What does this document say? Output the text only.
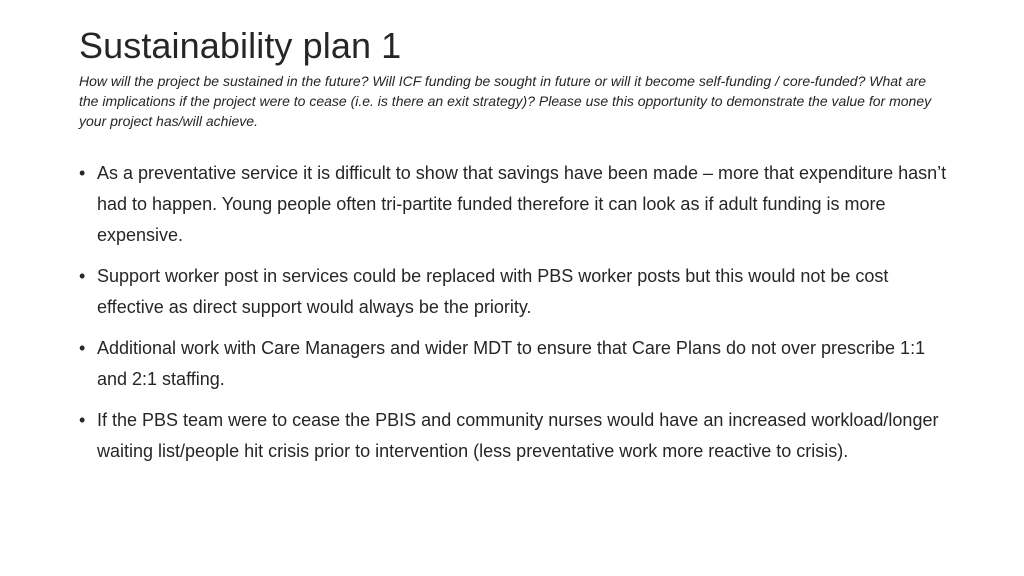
Sustainability plan 1
How will the project be sustained in the future? Will ICF funding be sought in future or will it become self-funding / core-funded? What are the implications if the project were to cease (i.e. is there an exit strategy)? Please use this opportunity to demonstrate the value for money your project has/will achieve.
• As a preventative service it is difficult to show that savings have been made – more that expenditure hasn’t had to happen. Young people often tri-partite funded therefore it can look as if adult funding is more expensive.
• Support worker post in services could be replaced with PBS worker posts but this would not be cost effective as direct support would always be the priority.
• Additional work with Care Managers and wider MDT to ensure that Care Plans do not over prescribe 1:1 and 2:1 staffing.
• If the PBS team were to cease the PBIS and community nurses would have an increased workload/longer waiting list/people hit crisis prior to intervention (less preventative work more reactive to crisis).
